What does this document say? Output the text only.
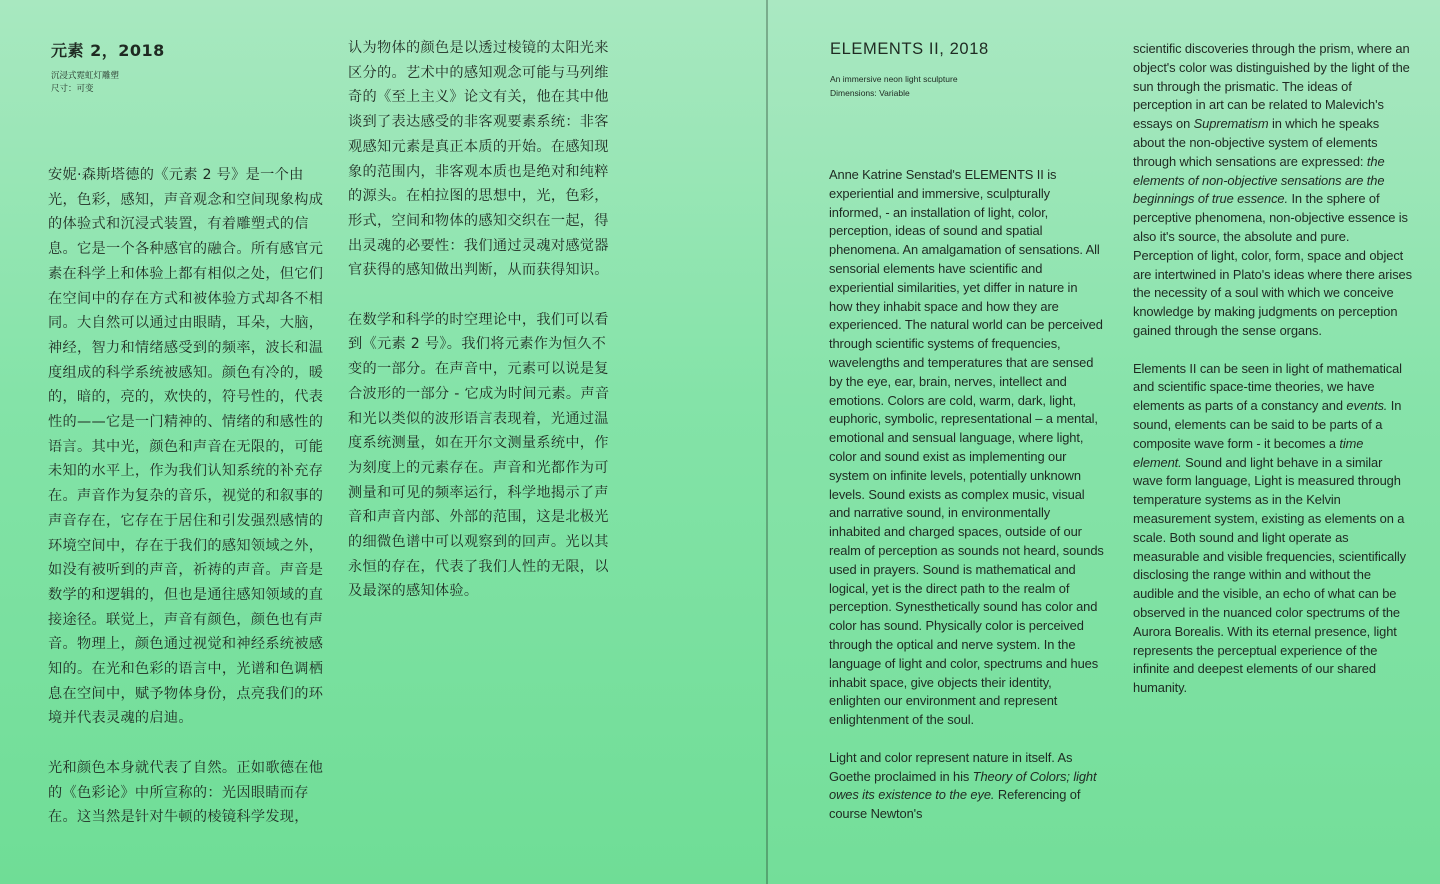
元素 2，2018
沉浸式霓虹灯雕塑
尺寸：可变

安妮·森斯塔德的《元素 2 号》是一个由光，色彩，感知，声音观念和空间现象构成的体验式和沉浸式装置，有着雕塑式的信息。它是一个各种感官的融合。所有感官元素在科学上和体验上都有相似之处，但它们在空间中的存在方式和被体验方式却各不相同。大自然可以通过由眼睛，耳朵，大脑，神经，智力和情绪感受到的频率，波长和温度组成的科学系统被感知。颜色有冷的，暖的，暗的，亮的，欢快的，符号性的，代表性的——它是一门精神的、情绪的和感性的语言。其中光，颜色和声音在无限的，可能未知的水平上，作为我们认知系统的补充存在。声音作为复杂的音乐，视觉的和叙事的声音存在，它存在于居住和引发强烈感情的环境空间中，存在于我们的感知领域之外，如没有被听到的声音，祈祷的声音。声音是数学的和逻辑的，但也是通往感知领域的直接途径。联觉上，声音有颜色，颜色也有声音。物理上，颜色通过视觉和神经系统被感知的。在光和色彩的语言中，光谱和色调栖息在空间中，赋予物体身份，点亮我们的环境并代表灵魂的启迪。

光和颜色本身就代表了自然。正如歌德在他的《色彩论》中所宣称的：光因眼睛而存在。这当然是针对牛顿的棱镜科学发现，

认为物体的颜色是以透过棱镜的太阳光来区分的。艺术中的感知观念可能与马列维奇的《至上主义》论文有关，他在其中他谈到了表达感受的非客观要素系统：非客观感知元素是真正本质的开始。在感知现象的范围内，非客观本质也是绝对和纯粹的源头。在柏拉图的思想中，光，色彩，形式，空间和物体的感知交织在一起，得出灵魂的必要性：我们通过灵魂对感觉器官获得的感知做出判断，从而获得知识。

在数学和科学的时空理论中，我们可以看到《元素 2 号》。我们将元素作为恒久不变的一部分。在声音中，元素可以说是复合波形的一部分 - 它成为时间元素。声音和光以类似的波形语言表现着，光通过温度系统测量，如在开尔文测量系统中，作为刻度上的元素存在。声音和光都作为可测量和可见的频率运行，科学地揭示了声音和声音内部、外部的范围，这是北极光的细微色谱中可以观察到的回声。光以其永恒的存在，代表了我们人性的无限，以及最深的感知体验。

ELEMENTS II, 2018
An immersive neon light sculpture
Dimensions: Variable

Anne Katrine Senstad's ELEMENTS II is experiential and immersive, sculpturally informed, - an installation of light, color, perception, ideas of sound and spatial phenomena. An amalgamation of sensations. All sensorial elements have scientific and experiential similarities, yet differ in nature in how they inhabit space and how they are experienced. The natural world can be perceived through scientific systems of frequencies, wavelengths and temperatures that are sensed by the eye, ear, brain, nerves, intellect and emotions. Colors are cold, warm, dark, light, euphoric, symbolic, representational – a mental, emotional and sensual language, where light, color and sound exist as implementing our system on infinite levels, potentially unknown levels. Sound exists as complex music, visual and narrative sound, in environmentally inhabited and charged spaces, outside of our realm of perception as sounds not heard, sounds used in prayers. Sound is mathematical and logical, yet is the direct path to the realm of perception. Synesthetically sound has color and color has sound. Physically color is perceived through the optical and nerve system. In the language of light and color, spectrums and hues inhabit space, give objects their identity, enlighten our environment and represent enlightenment of the soul.

Light and color represent nature in itself. As Goethe proclaimed in his Theory of Colors; light owes its existence to the eye. Referencing of course Newton's

scientific discoveries through the prism, where an object's color was distinguished by the light of the sun through the prismatic. The ideas of perception in art can be related to Malevich's essays on Suprematism in which he speaks about the non-objective system of elements through which sensations are expressed: the elements of non-objective sensations are the beginnings of true essence. In the sphere of perceptive phenomena, non-objective essence is also it's source, the absolute and pure. Perception of light, color, form, space and object are intertwined in Plato's ideas where there arises the necessity of a soul with which we conceive knowledge by making judgments on perception gained through the sense organs.

Elements II can be seen in light of mathematical and scientific space-time theories, we have elements as parts of a constancy and events. In sound, elements can be said to be parts of a composite wave form - it becomes a time element. Sound and light behave in a similar wave form language, Light is measured through temperature systems as in the Kelvin measurement system, existing as elements on a scale. Both sound and light operate as measurable and visible frequencies, scientifically disclosing the range within and without the audible and the visible, an echo of what can be observed in the nuanced color spectrums of the Aurora Borealis. With its eternal presence, light represents the perceptual experience of the infinite and deepest elements of our shared humanity.
